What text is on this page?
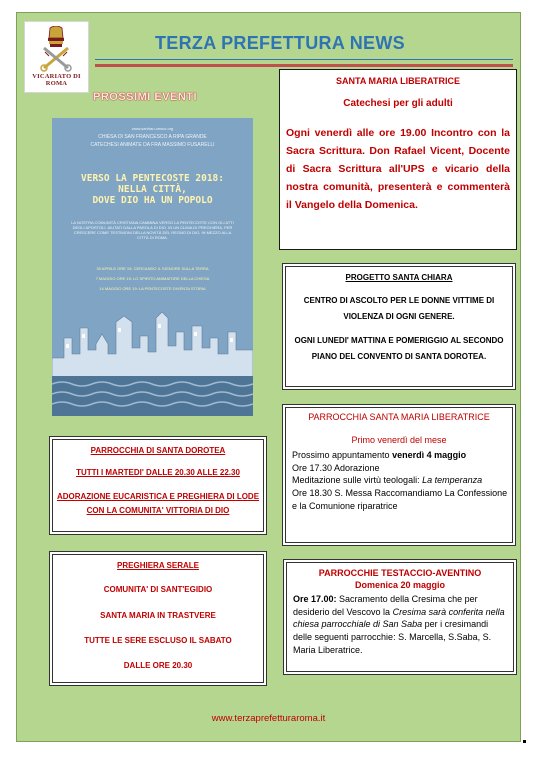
VICARIATO DI ROMA
TERZA PREFETTURA NEWS
PROSSIMI EVENTI
www.sanfran-cesco.org
CHIESA DI SAN FRANCESCO A RIPA GRANDE
CATECHESI ANIMATE DA FRA MASSIMO FUSARELLI
VERSO LA PENTECOSTE 2018:
NELLA CITTÀ,
DOVE DIO HA UN POPOLO
LA NOSTRA COMUNITÀ CRISTIANA CAMMINA VERSO LA PENTECOSTE CON GLI ATTI DEGLI APOSTOLI. AIUTATI DALLA PAROLA DI DIO, IN UN CLIMA DI PREGHIERA, PER CRESCERE COME TESTIMONI DELLA NOVITÀ DEL REGNO DI DIO, IN MEZZO ALLA CITTÀ DI ROMA.
30 APRILE ORE 19: CERCANDO IL SIGNORE SULLA TERRA
7 MAGGIO ORE 19: LO SPIRITO ANIMATORE DELLA CHIESA
14 MAGGIO ORE 19: LA PENTECOSTE DIVENTA STORIA
SANTA MARIA LIBERATRICE
Catechesi per gli adulti
Ogni venerdì alle ore 19.00 Incontro con la Sacra Scrittura. Don Rafael Vicent, Docente di Sacra Scrittura all'UPS e vicario della nostra comunità, presenterà e commenterà il Vangelo della Domenica.

PROGETTO SANTA CHIARA

CENTRO DI ASCOLTO PER LE DONNE VITTIME DI VIOLENZA DI OGNI GENERE.

OGNI LUNEDI' MATTINA E POMERIGGIO AL SECONDO PIANO DEL CONVENTO DI SANTA DOROTEA.

PARROCCHIA SANTA MARIA LIBERATRICE
Primo venerdì del mese
Prossimo appuntamento venerdì 4 maggio
Ore 17.30 Adorazione
Meditazione sulle virtù teologali: La temperanza
Ore 18.30 S. Messa Raccomandiamo La Confessione e la Comunione riparatrice

PARROCCHIA DI SANTA DOROTEA

TUTTI I MARTEDI' DALLE 20.30 ALLE 22.30

ADORAZIONE EUCARISTICA E PREGHIERA DI LODE CON LA COMUNITA' VITTORIA DI DIO

PREGHIERA SERALE

COMUNITA' DI SANT'EGIDIO

SANTA MARIA IN TRASTVERE

TUTTE LE SERE ESCLUSO IL SABATO

DALLE ORE 20.30

PARROCCHIE TESTACCIO-AVENTINO
Domenica 20 maggio
Ore 17.00: Sacramento della Cresima che per desiderio del Vescovo la Cresima sarà conferita nella chiesa parrocchiale di San Saba per i cresimandi delle seguenti parrocchie: S. Marcella, S.Saba, S. Maria Liberatrice.
www.terzaprefetturaroma.it
